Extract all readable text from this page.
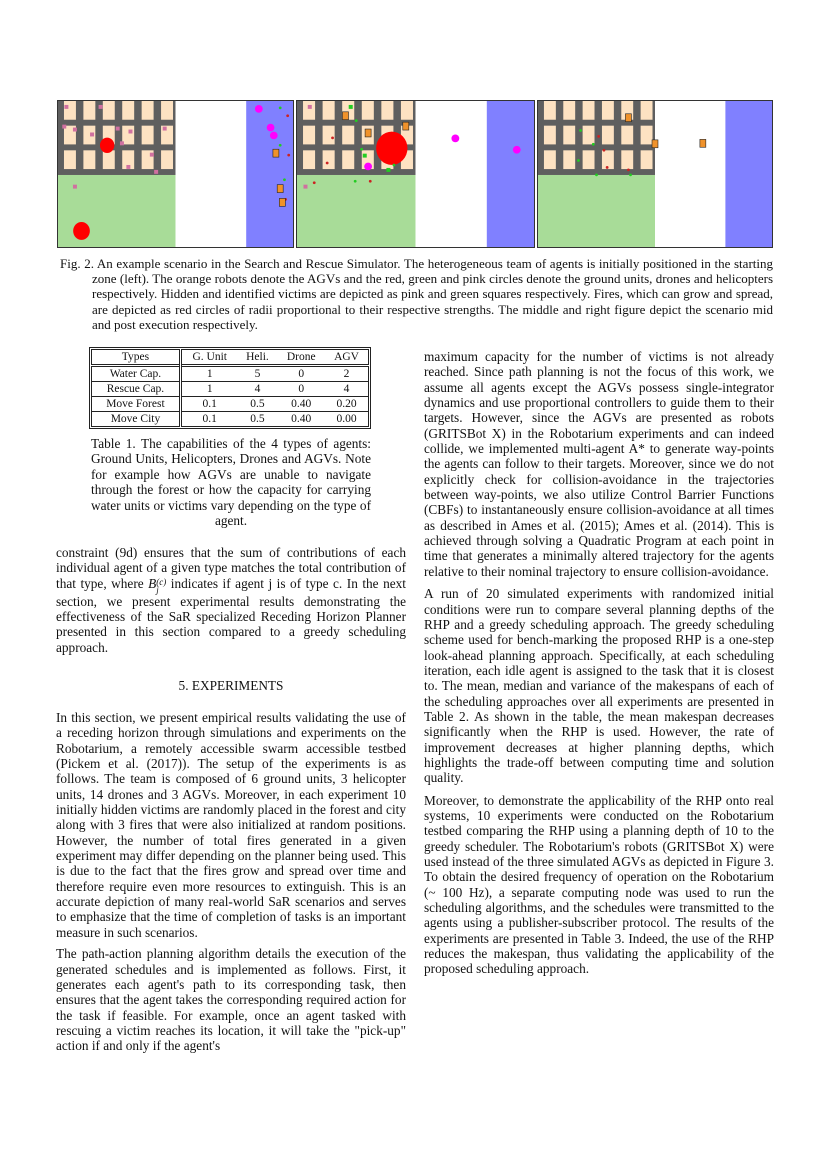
Fig. 2. An example scenario in the Search and Rescue Simulator. The heterogeneous team of agents is initially positioned in the starting zone (left). The orange robots denote the AGVs and the red, green and pink circles denote the ground units, drones and helicopters respectively. Hidden and identified victims are depicted as pink and green squares respectively. Fires, which can grow and spread, are depicted as red circles of radii proportional to their respective strengths. The middle and right figure depict the scenario mid and post execution respectively.
Types	G. Unit	Heli.	Drone	AGV
Water Cap.	1	5	0	2
Rescue Cap.	1	4	0	4
Move Forest	0.1	0.5	0.40	0.20
Move City	0.1	0.5	0.40	0.00
Table 1. The capabilities of the 4 types of agents: Ground Units, Helicopters, Drones and AGVs. Note for example how AGVs are unable to navigate through the forest or how the capacity for carrying water units or victims vary depending on the type of agent.

constraint (9d) ensures that the sum of contributions of each individual agent of a given type matches the total contribution of that type, where B (c)
j indicates if agent j is of type c. In the next section, we present experimental results demonstrating the effectiveness of the SaR specialized Receding Horizon Planner presented in this section compared to a greedy scheduling approach.

5. EXPERIMENTS

In this section, we present empirical results validating the use of a receding horizon through simulations and experiments on the Robotarium, a remotely accessible swarm accessible testbed (Pickem et al. (2017)). The setup of the experiments is as follows. The team is composed of 6 ground units, 3 helicopter units, 14 drones and 3 AGVs. Moreover, in each experiment 10 initially hidden victims are randomly placed in the forest and city along with 3 fires that were also initialized at random positions. However, the number of total fires generated in a given experiment may differ depending on the planner being used. This is due to the fact that the fires grow and spread over time and therefore require even more resources to extinguish. This is an accurate depiction of many real-world SaR scenarios and serves to emphasize that the time of completion of tasks is an important measure in such scenarios.

The path-action planning algorithm details the execution of the generated schedules and is implemented as follows. First, it generates each agent's path to its corresponding task, then ensures that the agent takes the corresponding required action for the task if feasible. For example, once an agent tasked with rescuing a victim reaches its location, it will take the "pick-up" action if and only if the agent's

maximum capacity for the number of victims is not already reached. Since path planning is not the focus of this work, we assume all agents except the AGVs possess single-integrator dynamics and use proportional controllers to guide them to their targets. However, since the AGVs are presented as robots (GRITSBot X) in the Robotarium experiments and can indeed collide, we implemented multi-agent A* to generate way-points the agents can follow to their targets. Moreover, since we do not explicitly check for collision-avoidance in the trajectories between way-points, we also utilize Control Barrier Functions (CBFs) to instantaneously ensure collision-avoidance at all times as described in Ames et al. (2015); Ames et al. (2014). This is achieved through solving a Quadratic Program at each point in time that generates a minimally altered trajectory for the agents relative to their nominal trajectory to ensure collision-avoidance.

A run of 20 simulated experiments with randomized initial conditions were run to compare several planning depths of the RHP and a greedy scheduling approach. The greedy scheduling scheme used for bench-marking the proposed RHP is a one-step look-ahead planning approach. Specifically, at each scheduling iteration, each idle agent is assigned to the task that it is closest to. The mean, median and variance of the makespans of each of the scheduling approaches over all experiments are presented in Table 2. As shown in the table, the mean makespan decreases significantly when the RHP is used. However, the rate of improvement decreases at higher planning depths, which highlights the trade-off between computing time and solution quality.

Moreover, to demonstrate the applicability of the RHP onto real systems, 10 experiments were conducted on the Robotarium testbed comparing the RHP using a planning depth of 10 to the greedy scheduler. The Robotarium's robots (GRITSBot X) were used instead of the three simulated AGVs as depicted in Figure 3. To obtain the desired frequency of operation on the Robotarium (~ 100 Hz), a separate computing node was used to run the scheduling algorithms, and the schedules were transmitted to the agents using a publisher-subscriber protocol. The results of the experiments are presented in Table 3. Indeed, the use of the RHP reduces the makespan, thus validating the applicability of the proposed scheduling approach.
